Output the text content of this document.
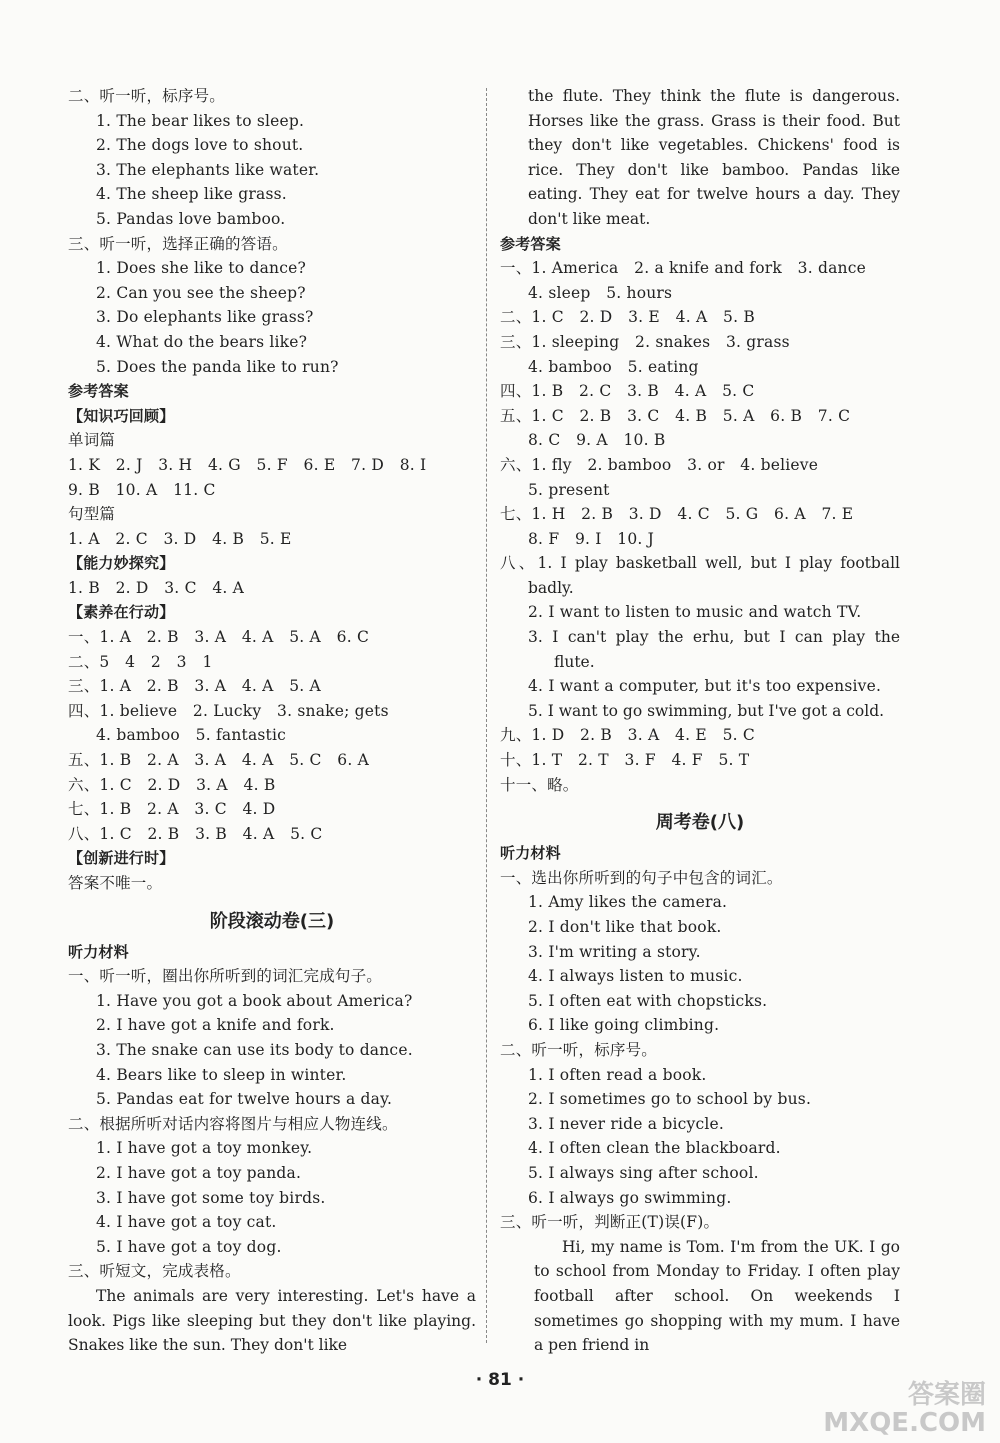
二、听一听，标序号。
1. The bear likes to sleep.
2. The dogs love to shout.
3. The elephants like water.
4. The sheep like grass.
5. Pandas love bamboo.
三、听一听，选择正确的答语。
1. Does she like to dance?
2. Can you see the sheep?
3. Do elephants like grass?
4. What do the bears like?
5. Does the panda like to run?
参考答案
【知识巧回顾】
单词篇
1. K　2. J　3. H　4. G　5. F　6. E　7. D　8. I
9. B　10. A　11. C
句型篇
1. A　2. C　3. D　4. B　5. E
【能力妙探究】
1. B　2. D　3. C　4. A
【素养在行动】
一、1. A　2. B　3. A　4. A　5. A　6. C
二、5　4　2　3　1
三、1. A　2. B　3. A　4. A　5. A
四、1. believe　2. Lucky　3. snake; gets
4. bamboo　5. fantastic
五、1. B　2. A　3. A　4. A　5. C　6. A
六、1. C　2. D　3. A　4. B
七、1. B　2. A　3. C　4. D
八、1. C　2. B　3. B　4. A　5. C
【创新进行时】
答案不唯一。
阶段滚动卷(三)
听力材料
一、听一听，圈出你所听到的词汇完成句子。
1. Have you got a book about America?
2. I have got a knife and fork.
3. The snake can use its body to dance.
4. Bears like to sleep in winter.
5. Pandas eat for twelve hours a day.
二、根据所听对话内容将图片与相应人物连线。
1. I have got a toy monkey.
2. I have got a toy panda.
3. I have got some toy birds.
4. I have got a toy cat.
5. I have got a toy dog.
三、听短文，完成表格。
The animals are very interesting. Let's have a look. Pigs like sleeping but they don't like playing. Snakes like the sun. They don't like
the flute. They think the flute is dangerous. Horses like the grass. Grass is their food. But they don't like vegetables. Chickens' food is rice. They don't like bamboo. Pandas like eating. They eat for twelve hours a day. They don't like meat.
参考答案
一、1. America　2. a knife and fork　3. dance
4. sleep　5. hours
二、1. C　2. D　3. E　4. A　5. B
三、1. sleeping　2. snakes　3. grass
4. bamboo　5. eating
四、1. B　2. C　3. B　4. A　5. C
五、1. C　2. B　3. C　4. B　5. A　6. B　7. C
8. C　9. A　10. B
六、1. fly　2. bamboo　3. or　4. believe
5. present
七、1. H　2. B　3. D　4. C　5. G　6. A　7. E
8. F　9. I　10. J
八、1. I play basketball well, but I play football badly.
2. I want to listen to music and watch TV.
3. I can't play the erhu, but I can play the flute.
4. I want a computer, but it's too expensive.
5. I want to go swimming, but I've got a cold.
九、1. D　2. B　3. A　4. E　5. C
十、1. T　2. T　3. F　4. F　5. T
十一、略。
周考卷(八)
听力材料
一、选出你所听到的句子中包含的词汇。
1. Amy likes the camera.
2. I don't like that book.
3. I'm writing a story.
4. I always listen to music.
5. I often eat with chopsticks.
6. I like going climbing.
二、听一听，标序号。
1. I often read a book.
2. I sometimes go to school by bus.
3. I never ride a bicycle.
4. I often clean the blackboard.
5. I always sing after school.
6. I always go swimming.
三、听一听，判断正(T)误(F)。
Hi, my name is Tom. I'm from the UK. I go to school from Monday to Friday. I often play football after school. On weekends I sometimes go shopping with my mum. I have a pen friend in
· 81 ·	答案圈
MXQE.COM
